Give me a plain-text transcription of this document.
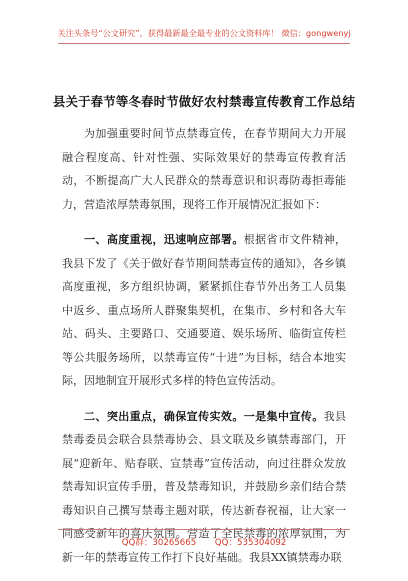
关注头条号“公文研究”，获得最新最全最专业的公文资料库！ 微信：gongwenyj
县关于春节等冬春时节做好农村禁毒宣传教育工作总结

为加强重要时间节点禁毒宣传，在春节期间大力开展融合程度高、针对性强、实际效果好的禁毒宣传教育活动，不断提高广大人民群众的禁毒意识和识毒防毒拒毒能力，营造浓厚禁毒氛围，现将工作开展情况汇报如下：

一、高度重视，迅速响应部署。根据省市文件精神，我县下发了《关于做好春节期间禁毒宣传的通知》，各乡镇高度重视，多方组织协调，紧紧抓住春节外出务工人员集中返乡、重点场所人群聚集契机，在集市、乡村和各大车站、码头、主要路口、交通要道、娱乐场所、临街宣传栏等公共服务场所，以禁毒宣传“十进”为目标，结合本地实际，因地制宜开展形式多样的特色宣传活动。

二、突出重点，确保宣传实效。一是集中宣传。我县禁毒委员会联合县禁毒协会、县文联及乡镇禁毒部门，开展“迎新年、贴春联、宣禁毒”宣传活动，向过往群众发放禁毒知识宣传手册，普及禁毒知识，并鼓励乡亲们结合禁毒知识自己撰写禁毒主题对联，传达新春祝福，让大家一同感受新年的喜庆氛围。营造了全民禁毒的浓厚氛围，为新一年的禁毒宣传工作打下良好基础。我县XX镇禁毒办联

QQ群：30265665 QQ：535304092
